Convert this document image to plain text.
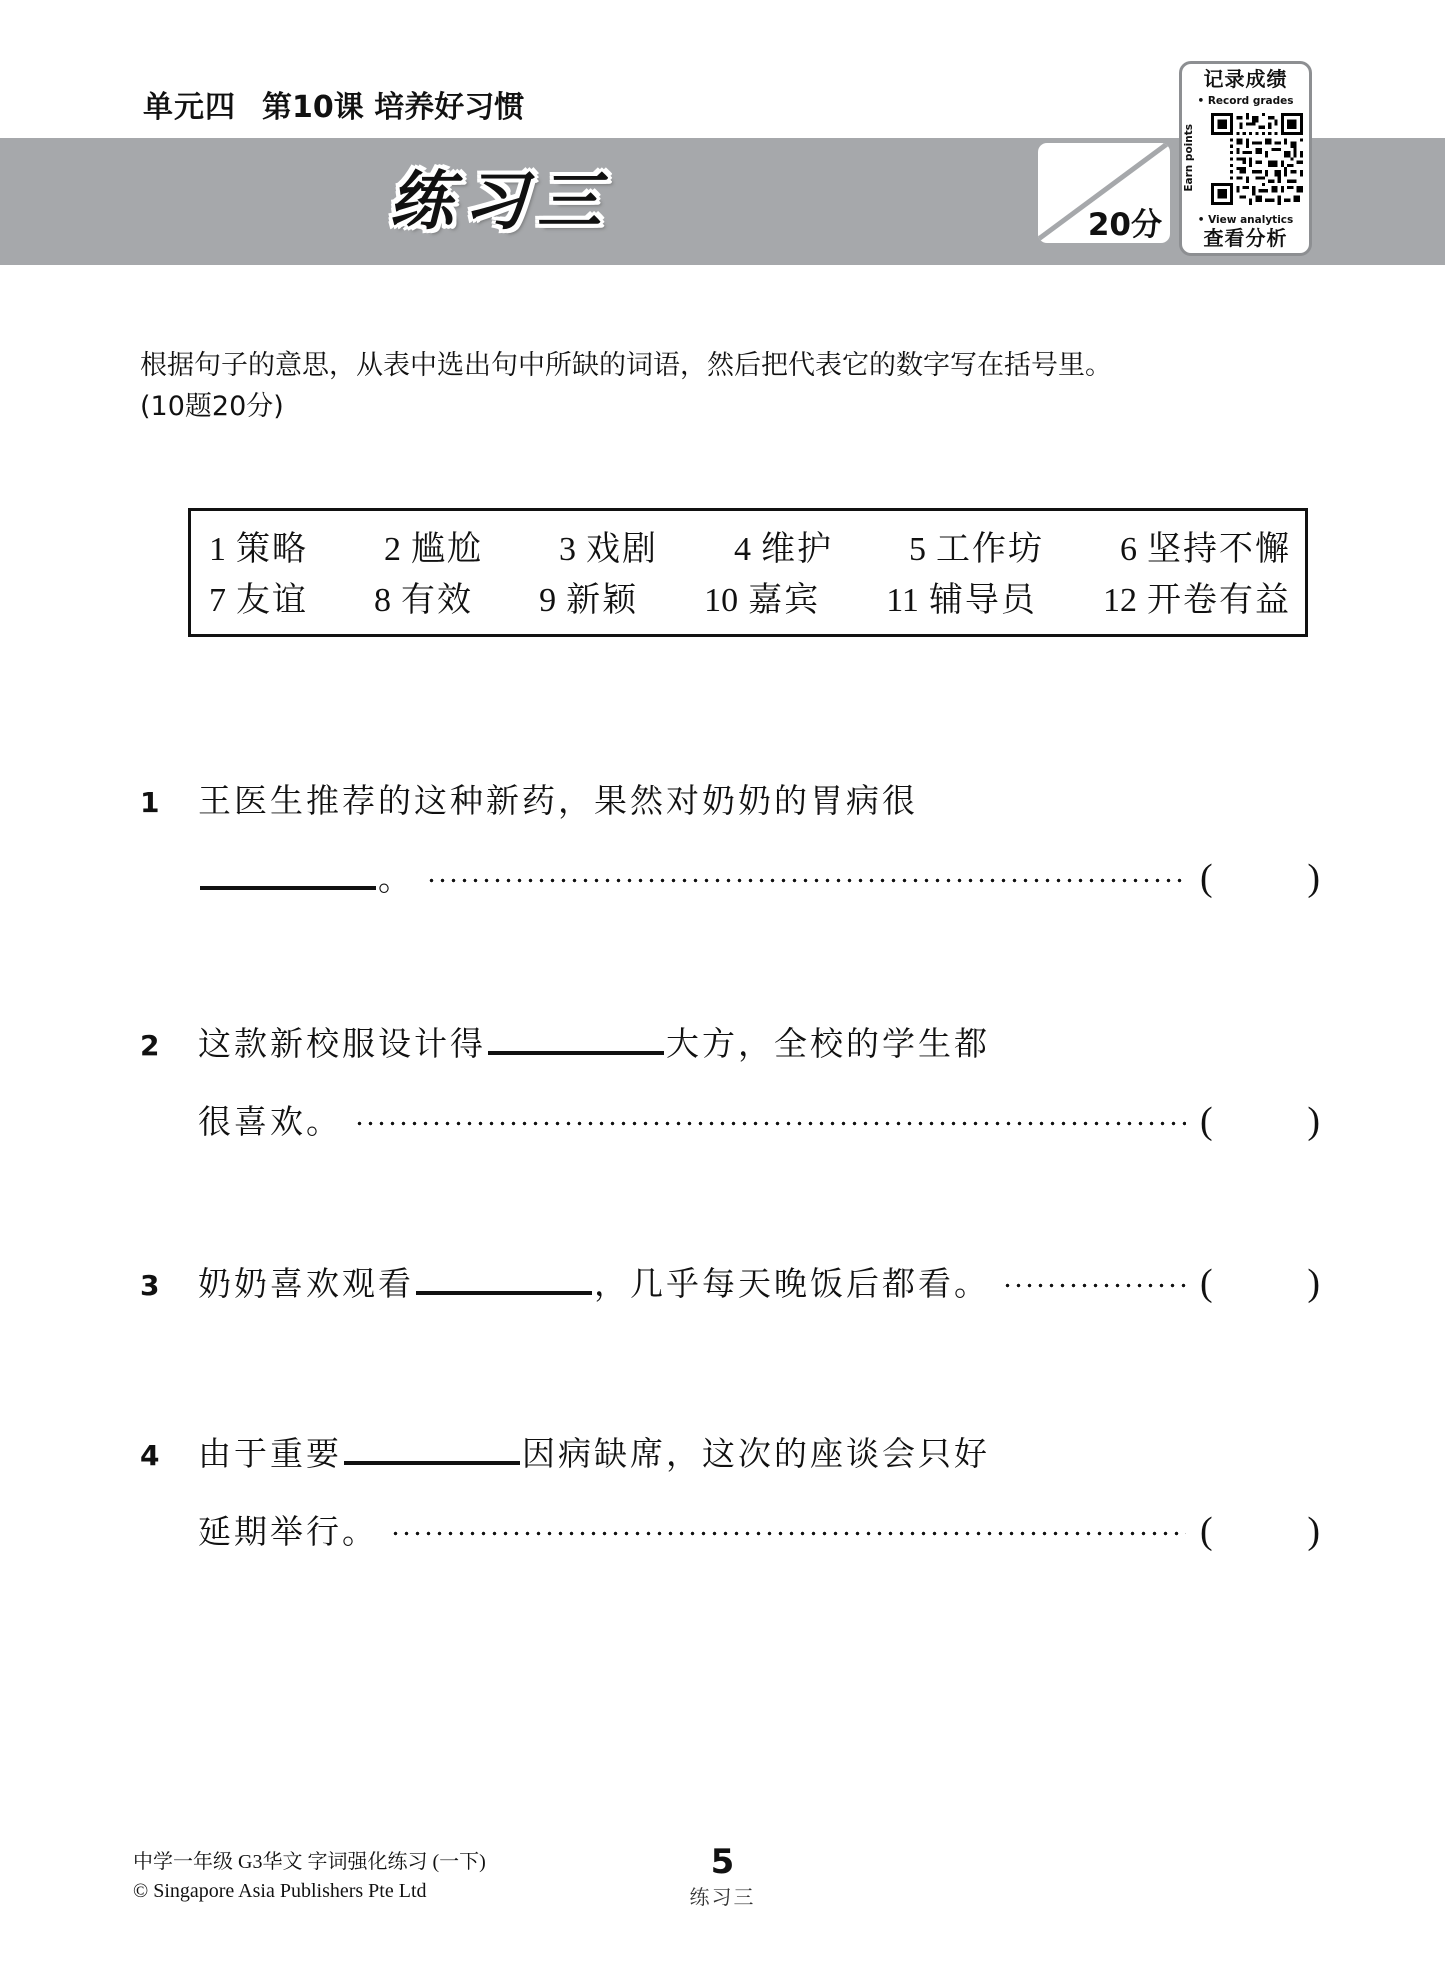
单元四 第10课 培养好习惯
练习三	20分
记录成绩
• Record grades
Earn points
• View analytics
查看分析
根据句子的意思，从表中选出句中所缺的词语，然后把代表它的数字写在括号里。
(10题20分)
1 策略 2 尴尬 3 戏剧 4 维护 5 工作坊 6 坚持不懈
7 友谊 8 有效 9 新颖 10 嘉宾 11 辅导员 12 开卷有益
1	王医生推荐的这种新药，果然对奶奶的胃病很
。	( )
2	这款新校服设计得	大方，全校的学生都
很喜欢。	( )
3	奶奶喜欢观看	，几乎每天晚饭后都看。	( )
4	由于重要	因病缺席，这次的座谈会只好
延期举行。	( )
中学一年级 G3华文 字词强化练习 (一下)
© Singapore Asia Publishers Pte Ltd
5
练习三
